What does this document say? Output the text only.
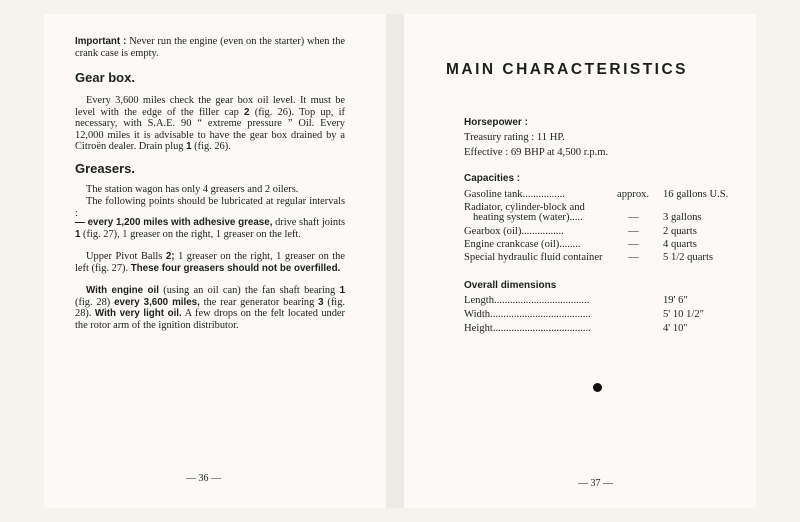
Important : Never run the engine (even on the starter) when the crank case is empty.

Gear box.

Every 3,600 miles check the gear box oil level. It must be level with the edge of the filler cap 2 (fig. 26). Top up, if necessary, with S.A.E. 90 “ extreme pressure ” Oil. Every 12,000 miles it is advisable to have the gear box drained by a Citroën dealer. Drain plug 1 (fig. 26).

Greasers.

The station wagon has only 4 greasers and 2 oilers.

The following points should be lubricated at regular intervals :

— every 1,200 miles with adhesive grease, drive shaft joints 1 (fig. 27), 1 greaser on the right, 1 greaser on the left.

Upper Pivot Balls 2; 1 greaser on the right, 1 greaser on the left (fig. 27). These four greasers should not be overfilled.

With engine oil (using an oil can) the fan shaft bearing 1 (fig. 28) every 3,600 miles, the rear generator bearing 3 (fig. 28). With very light oil. A few drops on the felt located under the rotor arm of the ignition distributor.

— 36 —
MAIN CHARACTERISTICS
Horsepower :
Treasury rating : 11 HP.
Effective : 69 BHP at 4,500 r.p.m.
Capacities :
Gasoline tank................	approx. 16 gallons U.S.
Radiator, cylinder-block and
heating system (water).....	— 3 gallons
Gearbox (oil)................	— 2 quarts
Engine crankcase (oil)........	— 4 quarts
Special hydraulic fluid container — 5 1/2 quarts
Overall dimensions
Length....................................	19' 6"
Width......................................	5' 10 1/2"
Height.....................................	4' 10"
— 37 —
